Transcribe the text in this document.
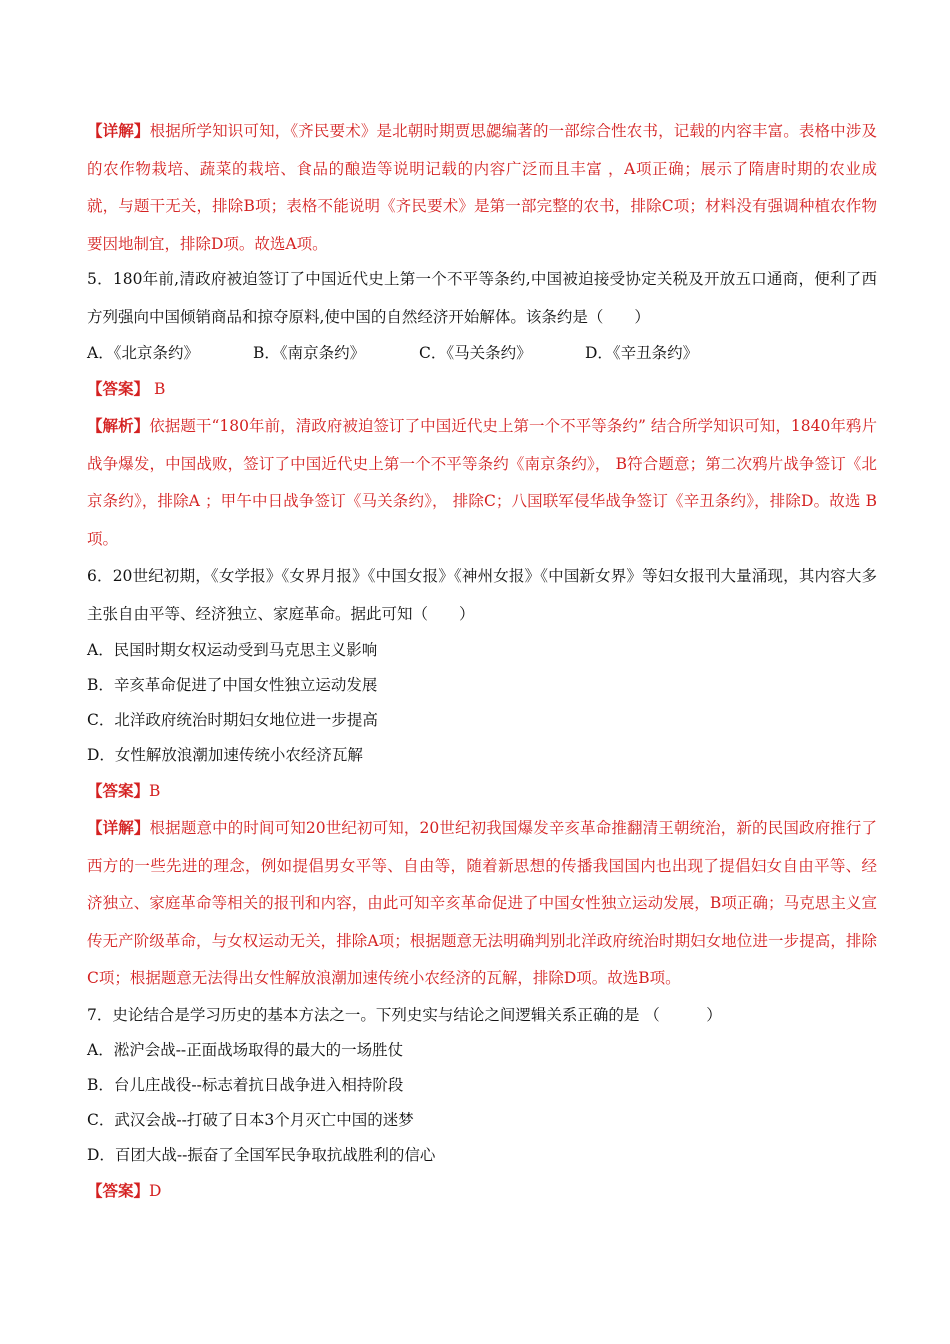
【详解】根据所学知识可知，《齐民要术》是北朝时期贾思勰编著的一部综合性农书，记载的内容丰富。表格中涉及的农作物栽培、蔬菜的栽培、食品的酿造等说明记载的内容广泛而且丰富 ，A项正确；展示了隋唐时期的农业成就，与题干无关，排除B项；表格不能说明《齐民要术》是第一部完整的农书，排除C项；材料没有强调种植农作物要因地制宜，排除D项。故选A项。

5．180年前,清政府被迫签订了中国近代史上第一个不平等条约,中国被迫接受协定关税及开放五口通商，便利了西方列强向中国倾销商品和掠夺原料,使中国的自然经济开始解体。该条约是（　　）

A．《北京条约》	B．《南京条约》	C．《马关条约》	D．《辛丑条约》

【答案】 B

【解析】依据题干“180年前，清政府被迫签订了中国近代史上第一个不平等条约” 结合所学知识可知，1840年鸦片战争爆发，中国战败，签订了中国近代史上第一个不平等条约《南京条约》， B符合题意；第二次鸦片战争签订《北京条约》，排除A ；甲午中日战争签订《马关条约》， 排除C；八国联军侵华战争签订《辛丑条约》，排除D。故选 B项。

6．20世纪初期，《女学报》《女界月报》《中国女报》《神州女报》《中国新女界》等妇女报刊大量涌现，其内容大多主张自由平等、经济独立、家庭革命。据此可知（　　）

A．民国时期女权运动受到马克思主义影响

B．辛亥革命促进了中国女性独立运动发展

C．北洋政府统治时期妇女地位进一步提高

D．女性解放浪潮加速传统小农经济瓦解

【答案】B

【详解】根据题意中的时间可知20世纪初可知，20世纪初我国爆发辛亥革命推翻清王朝统治，新的民国政府推行了西方的一些先进的理念，例如提倡男女平等、自由等，随着新思想的传播我国国内也出现了提倡妇女自由平等、经济独立、家庭革命等相关的报刊和内容，由此可知辛亥革命促进了中国女性独立运动发展，B项正确；马克思主义宣传无产阶级革命，与女权运动无关，排除A项；根据题意无法明确判别北洋政府统治时期妇女地位进一步提高，排除C项；根据题意无法得出女性解放浪潮加速传统小农经济的瓦解，排除D项。故选B项。

7．史论结合是学习历史的基本方法之一。下列史实与结论之间逻辑关系正确的是 （　　　）

A．淞沪会战--正面战场取得的最大的一场胜仗

B．台儿庄战役--标志着抗日战争进入相持阶段

C．武汉会战--打破了日本3个月灭亡中国的迷梦

D．百团大战--振奋了全国军民争取抗战胜利的信心

【答案】D
